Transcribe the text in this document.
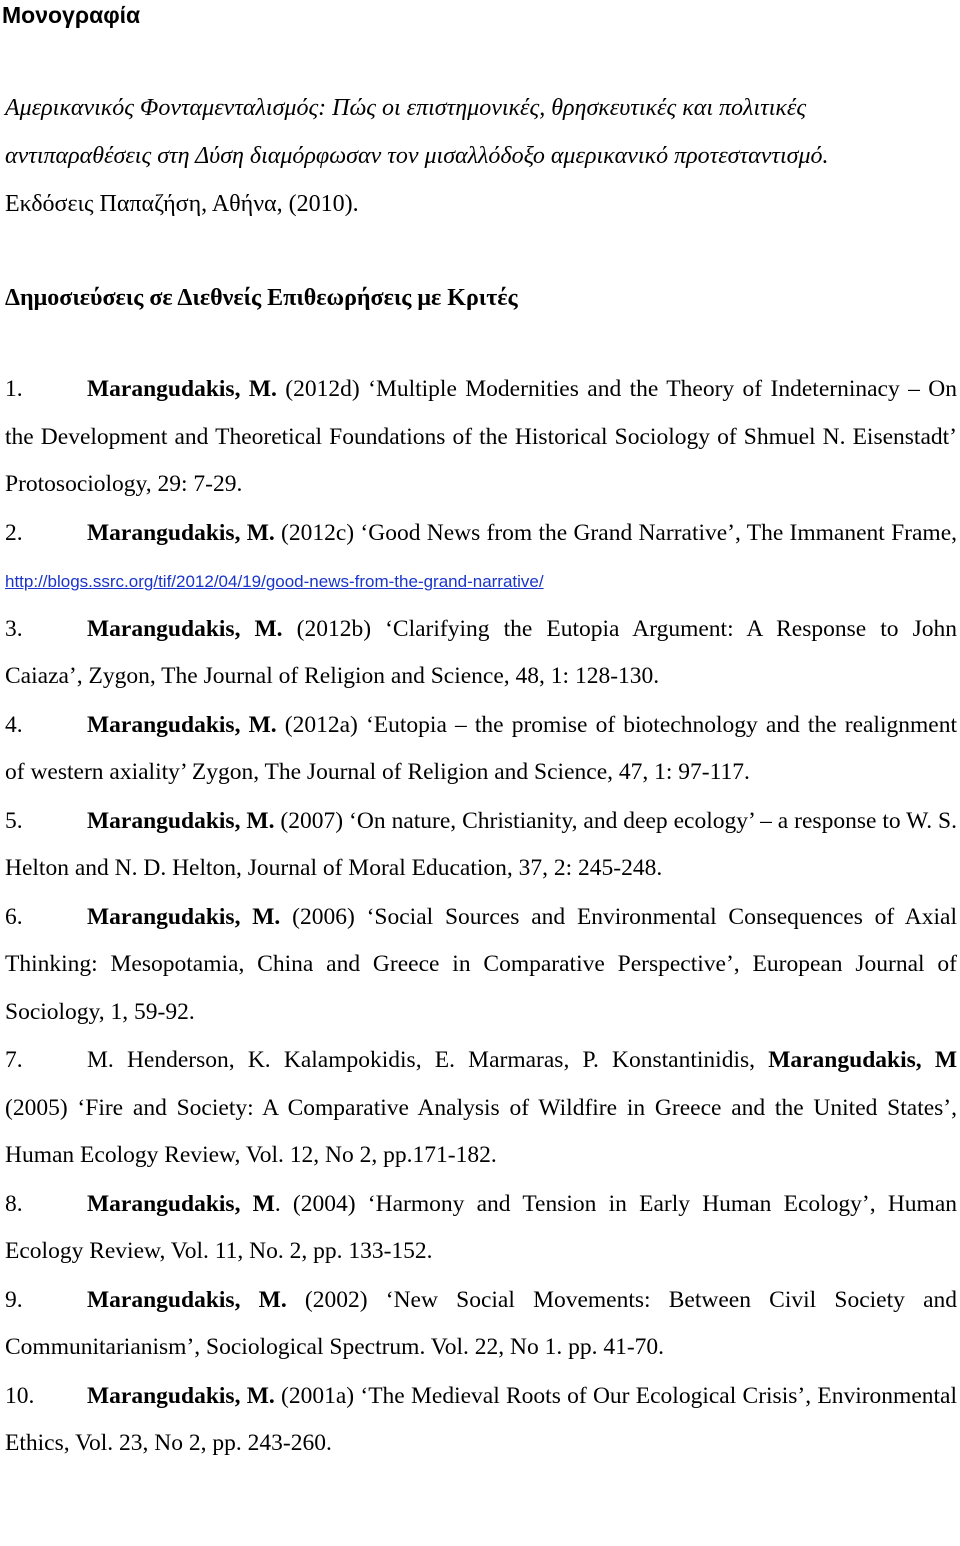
Μονογραφία
Αμερικανικός Φονταμενταλισμός: Πώς οι επιστημονικές, θρησκευτικές και πολιτικές αντιπαραθέσεις στη Δύση διαμόρφωσαν τον μισαλλόδοξο αμερικανικό προτεσταντισμό.
Εκδόσεις Παπαζήση, Αθήνα, (2010).
Δημοσιεύσεις σε Διεθνείς Επιθεωρήσεις με Κριτές
1.	Marangudakis, M. (2012d) ‘Multiple Modernities and the Theory of Indeterninacy – On the Development and Theoretical Foundations of the Historical Sociology of Shmuel N. Eisenstadt’ Protosociology, 29: 7-29.
2.	Marangudakis, M. (2012c) ‘Good News from the Grand Narrative’, The Immanent Frame, http://blogs.ssrc.org/tif/2012/04/19/good-news-from-the-grand-narrative/
3.	Marangudakis, M. (2012b) ‘Clarifying the Eutopia Argument: A Response to John Caiaza’, Zygon, The Journal of Religion and Science, 48, 1: 128-130.
4.	Marangudakis, M. (2012a) ‘Eutopia – the promise of biotechnology and the realignment of western axiality’ Zygon, The Journal of Religion and Science, 47, 1: 97-117.
5.	Marangudakis, M. (2007) ‘On nature, Christianity, and deep ecology’ – a response to W. S. Helton and N. D. Helton, Journal of Moral Education, 37, 2: 245-248.
6.	Marangudakis, M. (2006) ‘Social Sources and Environmental Consequences of Axial Thinking: Mesopotamia, China and Greece in Comparative Perspective’, European Journal of Sociology, 1, 59-92.
7.	M. Henderson, K. Kalampokidis, E. Marmaras, P. Konstantinidis, Marangudakis, M (2005) ‘Fire and Society: A Comparative Analysis of Wildfire in Greece and the United States’, Human Ecology Review, Vol. 12, No 2, pp.171-182.
8.	Marangudakis, M. (2004) ‘Harmony and Tension in Early Human Ecology’, Human Ecology Review, Vol. 11, No. 2, pp. 133-152.
9.	Marangudakis, M. (2002) ‘New Social Movements: Between Civil Society and Communitarianism’, Sociological Spectrum. Vol. 22, No 1. pp. 41-70.
10. Marangudakis, M. (2001a) ‘The Medieval Roots of Our Ecological Crisis’, Environmental Ethics, Vol. 23, No 2, pp. 243-260.
